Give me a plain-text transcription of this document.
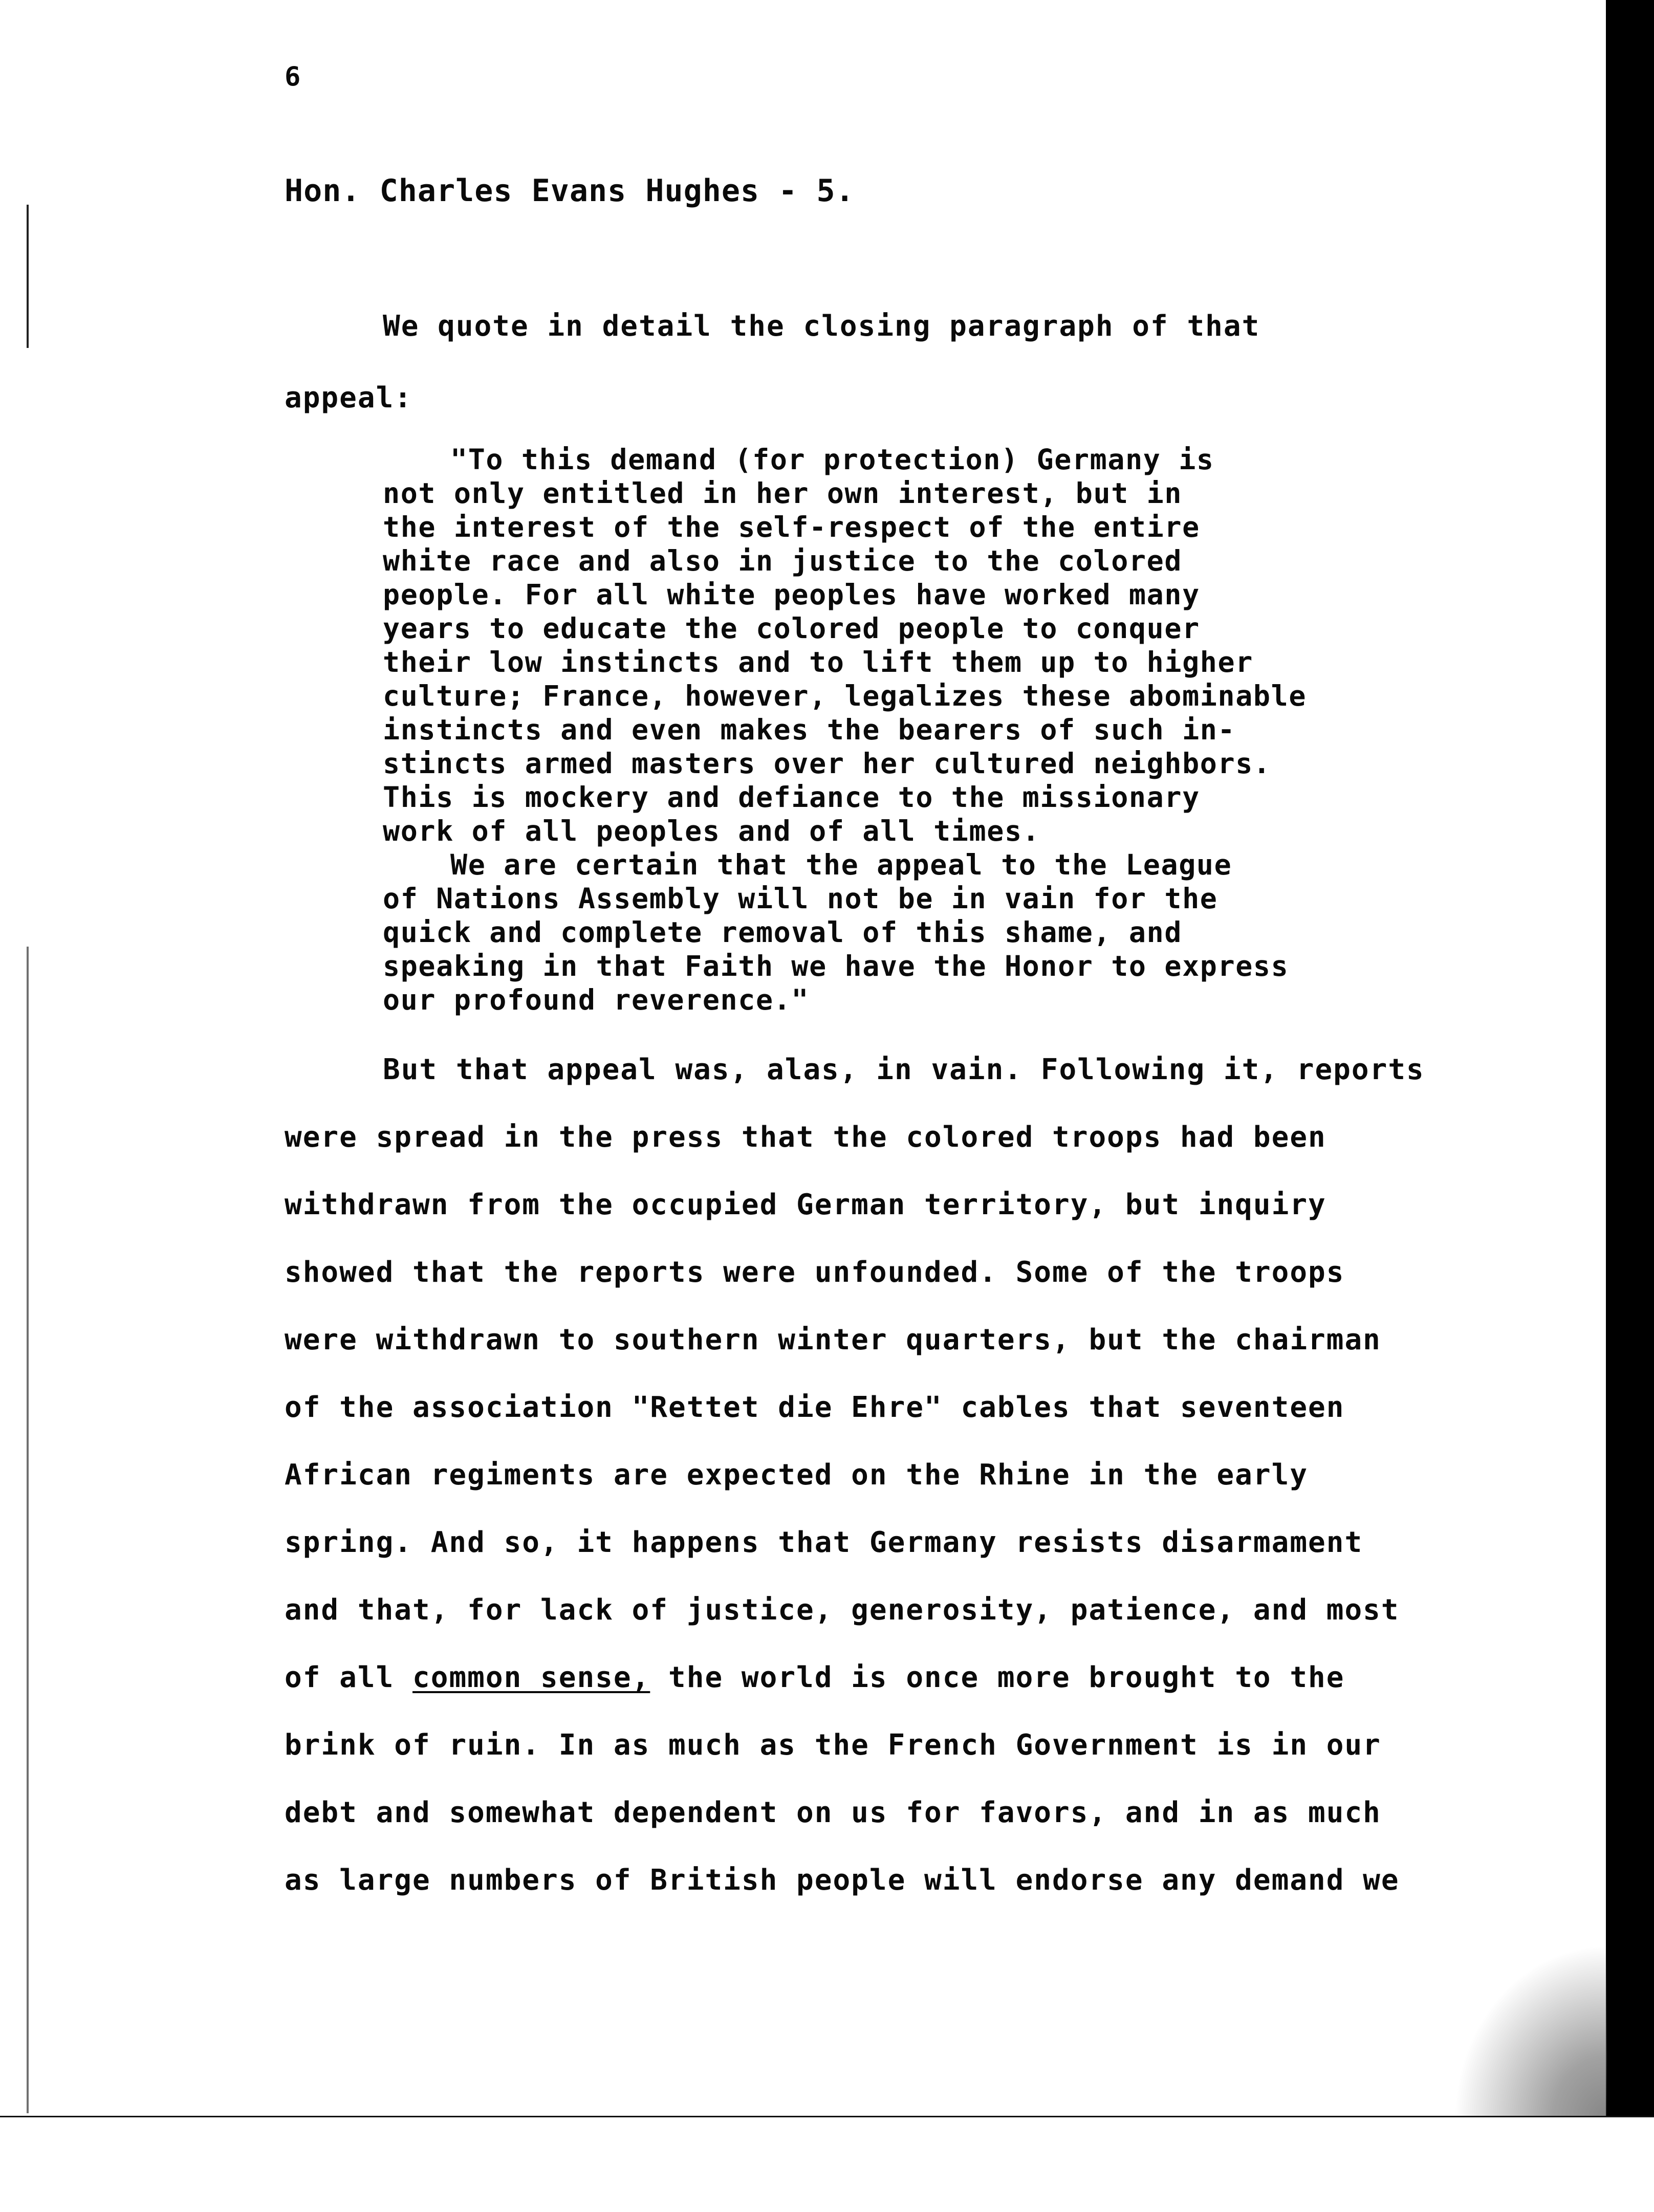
6
Hon. Charles Evans Hughes - 5.
We quote in detail the closing paragraph of that
appeal:
"To this demand (for protection) Germany is
not only entitled in her own interest, but in
the interest of the self-respect of the entire
white race and also in justice to the colored
people. For all white peoples have worked many
years to educate the colored people to conquer
their low instincts and to lift them up to higher
culture; France, however, legalizes these abominable
instincts and even makes the bearers of such in-
stincts armed masters over her cultured neighbors.
This is mockery and defiance to the missionary
work of all peoples and of all times.
We are certain that the appeal to the League
of Nations Assembly will not be in vain for the
quick and complete removal of this shame, and
speaking in that Faith we have the Honor to express
our profound reverence."
But that appeal was, alas, in vain. Following it, reports
were spread in the press that the colored troops had been
withdrawn from the occupied German territory, but inquiry
showed that the reports were unfounded. Some of the troops
were withdrawn to southern winter quarters, but the chairman
of the association "Rettet die Ehre" cables that seventeen
African regiments are expected on the Rhine in the early
spring. And so, it happens that Germany resists disarmament
and that, for lack of justice, generosity, patience, and most
of all common sense, the world is once more brought to the
brink of ruin. In as much as the French Government is in our
debt and somewhat dependent on us for favors, and in as much
as large numbers of British people will endorse any demand we
